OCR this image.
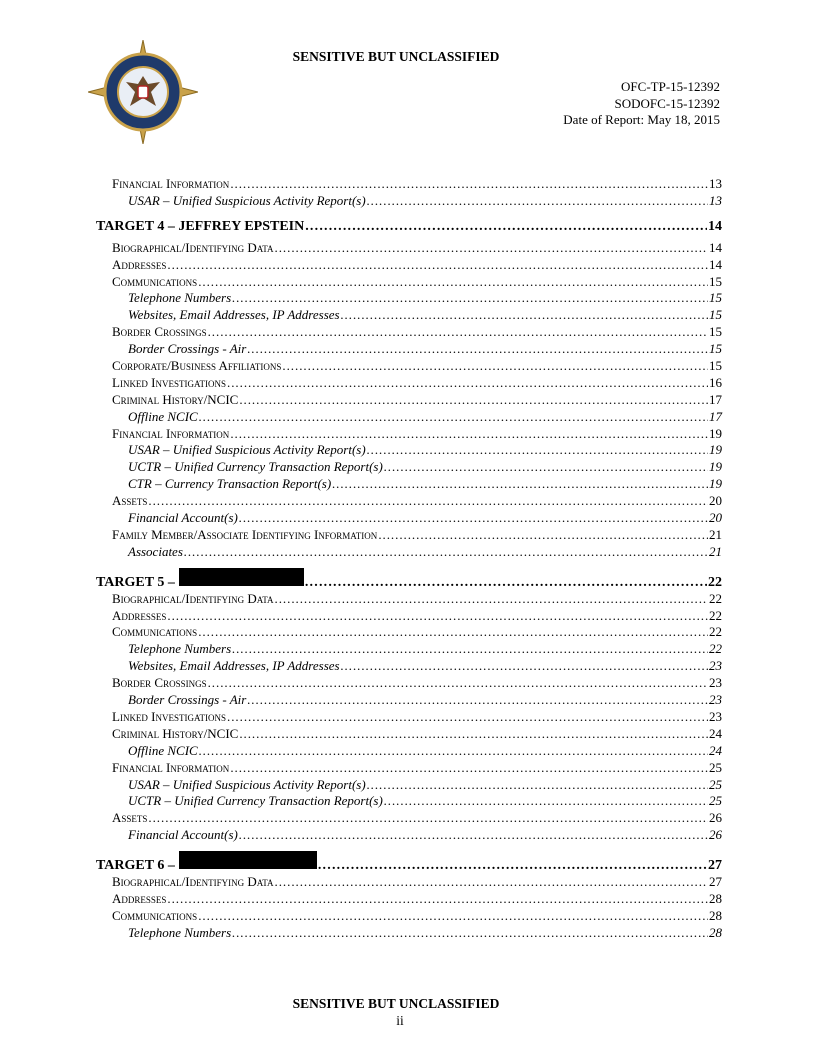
SENSITIVE BUT UNCLASSIFIED
OFC-TP-15-12392
SODOFC-15-12392
Date of Report: May 18, 2015
Financial Information . . .	13
USAR – Unified Suspicious Activity Report(s) . . .	13
TARGET 4 – JEFFREY EPSTEIN . . .	14
Biographical/Identifying Data . . .	14
Addresses . . .	14
Communications . . .	15
Telephone Numbers . . .	15
Websites, Email Addresses, IP Addresses . . .	15
Border Crossings . . .	15
Border Crossings - Air . . .	15
Corporate/Business Affiliations . . .	15
Linked Investigations . . .	16
Criminal History/NCIC . . .	17
Offline NCIC . . .	17
Financial Information . . .	19
USAR – Unified Suspicious Activity Report(s) . . .	19
UCTR – Unified Currency Transaction Report(s) . . .	19
CTR – Currency Transaction Report(s) . . .	19
Assets . . .	20
Financial Account(s) . . .	20
Family Member/Associate Identifying Information . . .	21
Associates . . .	21
TARGET 5 – . . .	22
Biographical/Identifying Data . . .	22
Addresses . . .	22
Communications . . .	22
Telephone Numbers . . .	22
Websites, Email Addresses, IP Addresses . . .	23
Border Crossings . . .	23
Border Crossings - Air . . .	23
Linked Investigations . . .	23
Criminal History/NCIC . . .	24
Offline NCIC . . .	24
Financial Information . . .	25
USAR – Unified Suspicious Activity Report(s) . . .	25
UCTR – Unified Currency Transaction Report(s) . . .	25
Assets . . .	26
Financial Account(s) . . .	26
TARGET 6 – . . .	27
Biographical/Identifying Data . . .	27
Addresses . . .	28
Communications . . .	28
Telephone Numbers . . .	28
SENSITIVE BUT UNCLASSIFIED
ii
